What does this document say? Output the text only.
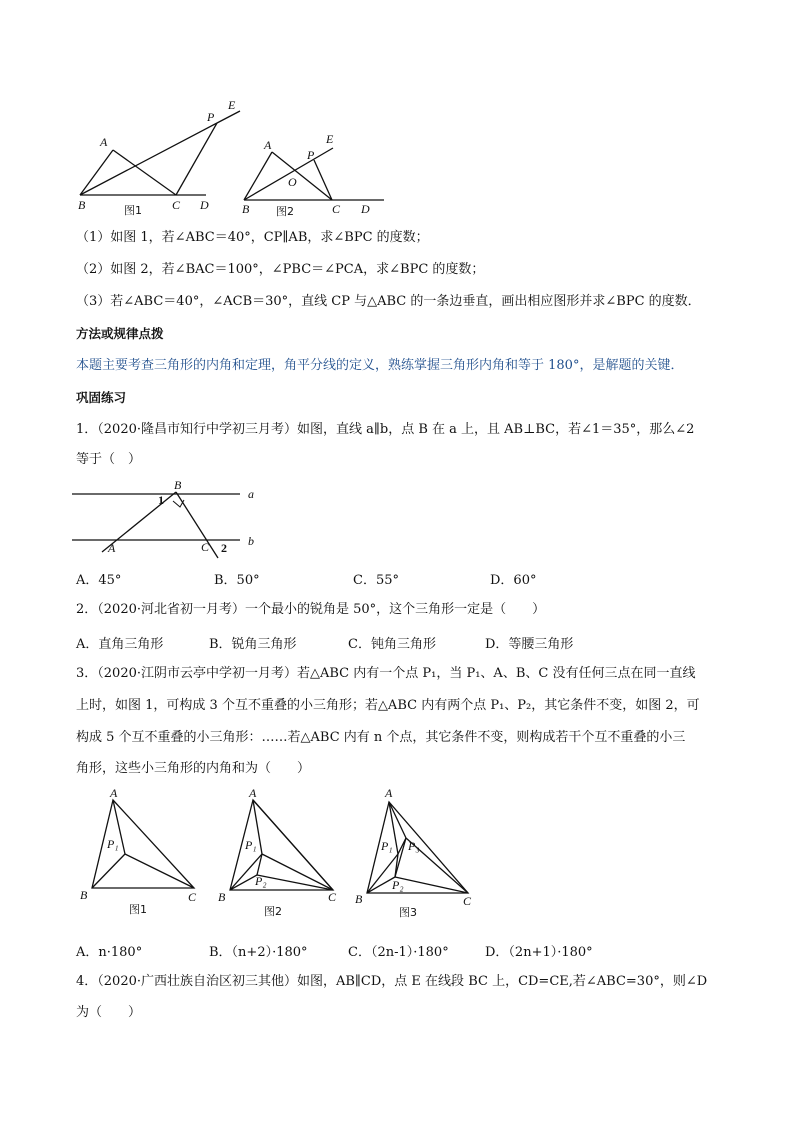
A
B	C D
P
E
图1
A
B	C D
E
P
O
图2
（1）如图 1，若∠ABC＝40°，CP∥AB，求∠BPC 的度数；
（2）如图 2，若∠BAC＝100°，∠PBC＝∠PCA，求∠BPC 的度数；
（3）若∠ABC＝40°，∠ACB＝30°，直线 CP 与△ABC 的一条边垂直，画出相应图形并求∠BPC 的度数．
方法或规律点拨
本题主要考查三角形的内角和定理，角平分线的定义，熟练掌握三角形内角和等于 180°，是解题的关键．
巩固练习
1．（2020·隆昌市知行中学初三月考）如图，直线 a∥b，点 B 在 a 上，且 AB⊥BC，若∠1＝35°，那么∠2
等于（　）
B
1	a
b
A	C 2
A．45°	B．50°	C．55°	D．60°
2．（2020·河北省初一月考）一个最小的锐角是 50°，这个三角形一定是（　　）
A．直角三角形	B．锐角三角形	C．钝角三角形	D．等腰三角形
3．（2020·江阴市云亭中学初一月考）若△ABC 内有一个点 P₁，当 P₁、A、B、C 没有任何三点在同一直线
上时，如图 1，可构成 3 个互不重叠的小三角形；若△ABC 内有两个点 P₁、P₂，其它条件不变，如图 2，可
构成 5 个互不重叠的小三角形：……若△ABC 内有 n 个点，其它条件不变，则构成若干个互不重叠的小三
角形，这些小三角形的内角和为（　　）
A
B	C
P₁
图1
A
B	C
P₁
P₂
图2
A
B	C
P₁
P₂
P₃
图3
A．n·180°	B．（n+2）·180°	C．（2n-1）·180°	D．（2n+1）·180°
4．（2020·广西壮族自治区初三其他）如图，AB∥CD，点 E 在线段 BC 上，CD=CE,若∠ABC=30°，则∠D
为（　　）
